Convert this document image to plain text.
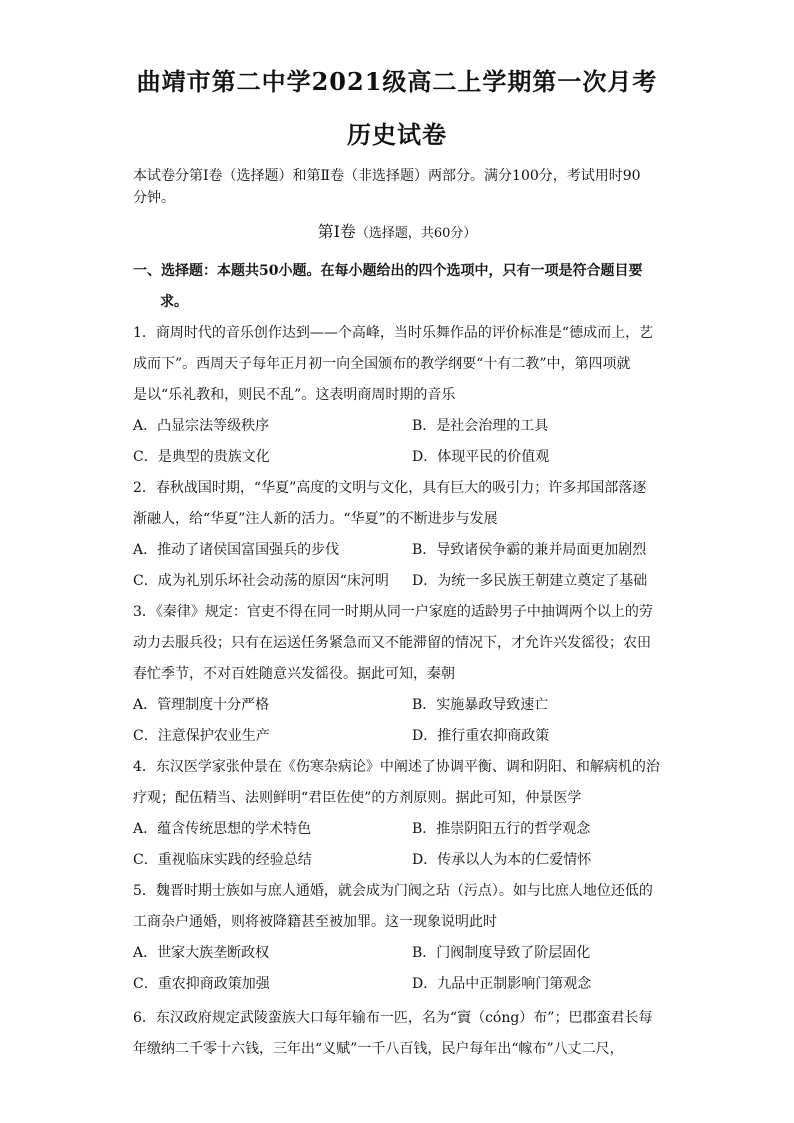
曲靖市第二中学2021级高二上学期第一次月考
历史试卷
本试卷分第Ⅰ卷（选择题）和第Ⅱ卷（非选择题）两部分。满分100分，考试用时90
分钟。
第Ⅰ卷（选择题，共60分）
一、选择题：本题共50小题。在每小题给出的四个选项中，只有一项是符合题目要
求。
1．商周时代的音乐创作达到——个高峰，当时乐舞作品的评价标准是“德成而上，艺
成而下”。西周天子每年正月初一向全国颁布的教学纲要“十有二教”中，第四项就
是以“乐礼教和，则民不乱”。这表明商周时期的音乐
A．凸显宗法等级秩序	B．是社会治理的工具
C．是典型的贵族文化	D．体现平民的价值观
2．春秋战国时期，“华夏”高度的文明与文化，具有巨大的吸引力；许多邦国部落逐
渐融人，给“华夏”注人新的活力。“华夏”的不断进步与发展
A．推动了诸侯国富国强兵的步伐	B．导致诸侯争霸的兼并局面更加剧烈
C．成为礼别乐坏社会动荡的原因“床河明 D．为统一多民族王朝建立奠定了基础
3．《秦律》规定：官吏不得在同一时期从同一户家庭的适龄男子中抽调两个以上的劳
动力去服兵役；只有在运送任务紧急而又不能滞留的情况下，才允许兴发徭役；农田
春忙季节，不对百姓随意兴发徭役。据此可知，秦朝
A．管理制度十分严格	B．实施暴政导致速亡
C．注意保护农业生产	D．推行重农抑商政策
4．东汉医学家张仲景在《伤寒杂病论》中阐述了协调平衡、调和阴阳、和解病机的治
疗观；配伍精当、法则鲜明“君臣佐使”的方剂原则。据此可知，仲景医学
A．蕴含传统思想的学术特色	B．推崇阴阳五行的哲学观念
C．重视临床实践的经验总结	D．传承以人为本的仁爱情怀
5．魏晋时期士族如与庶人通婚，就会成为门阀之玷（污点）。如与比庶人地位还低的
工商杂户通婚，则将被降籍甚至被加罪。这一现象说明此时
A．世家大族垄断政权	B．门阀制度导致了阶层固化
C．重农抑商政策加强	D．九品中正制影响门第观念
6．东汉政府规定武陵蛮族大口每年输布一匹，名为“賨（cóng）布”；巴郡蛮君长每
年缴纳二千零十六钱，三年出“义赋”一千八百钱，民户每年出“幏布”八丈二尺，
